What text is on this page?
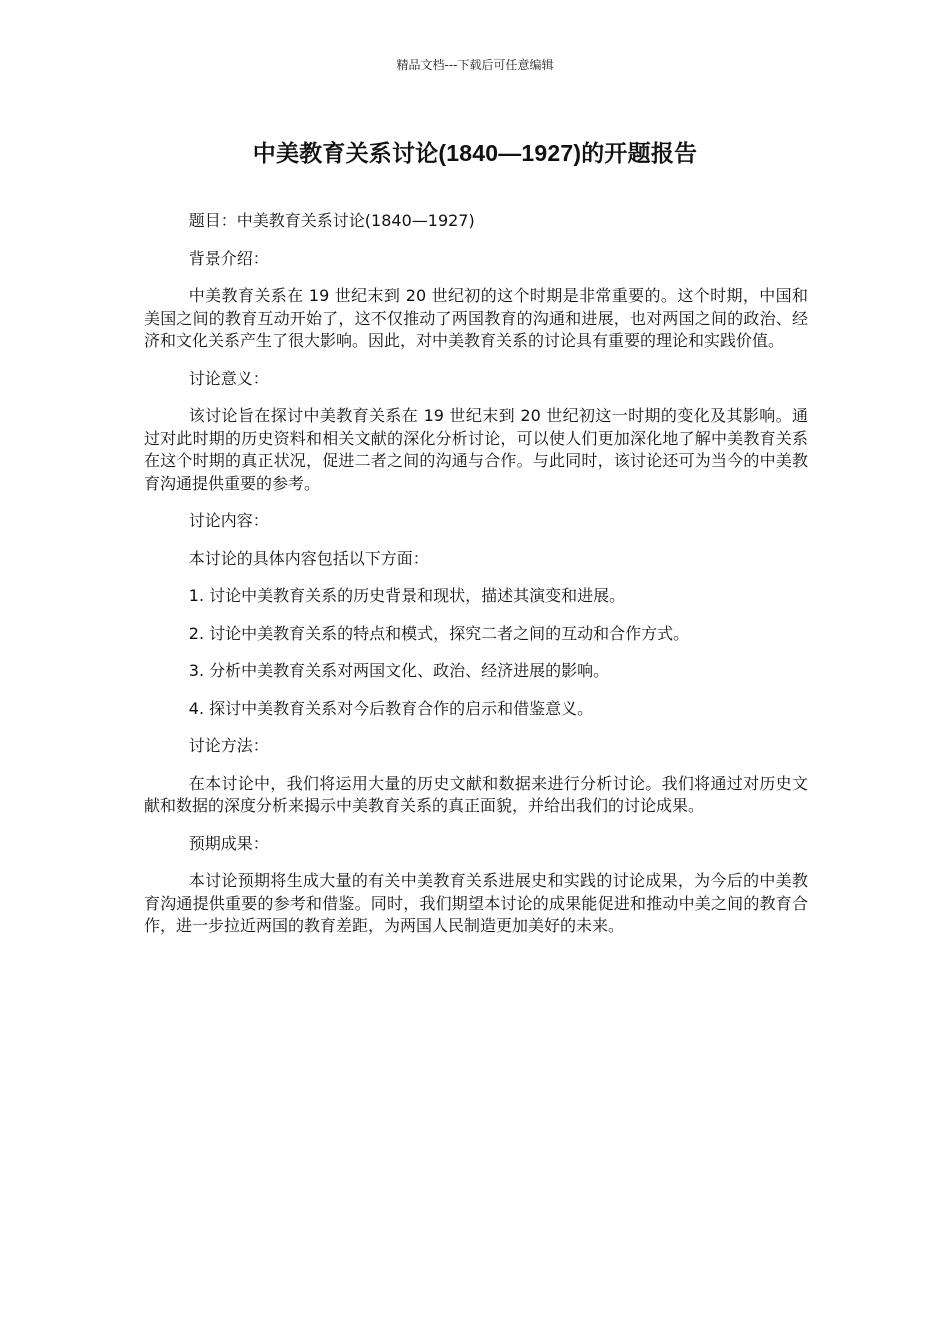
精品文档---下载后可任意编辑
中美教育关系讨论(1840—1927)的开题报告

题目：中美教育关系讨论(1840—1927)

背景介绍：

中美教育关系在 19 世纪末到 20 世纪初的这个时期是非常重要的。这个时期，中国和美国之间的教育互动开始了，这不仅推动了两国教育的沟通和进展，也对两国之间的政治、经济和文化关系产生了很大影响。因此，对中美教育关系的讨论具有重要的理论和实践价值。

讨论意义：

该讨论旨在探讨中美教育关系在 19 世纪末到 20 世纪初这一时期的变化及其影响。通过对此时期的历史资料和相关文献的深化分析讨论，可以使人们更加深化地了解中美教育关系在这个时期的真正状况，促进二者之间的沟通与合作。与此同时，该讨论还可为当今的中美教育沟通提供重要的参考。

讨论内容：

本讨论的具体内容包括以下方面：

1. 讨论中美教育关系的历史背景和现状，描述其演变和进展。

2. 讨论中美教育关系的特点和模式，探究二者之间的互动和合作方式。

3. 分析中美教育关系对两国文化、政治、经济进展的影响。

4. 探讨中美教育关系对今后教育合作的启示和借鉴意义。

讨论方法：

在本讨论中，我们将运用大量的历史文献和数据来进行分析讨论。我们将通过对历史文献和数据的深度分析来揭示中美教育关系的真正面貌，并给出我们的讨论成果。

预期成果：

本讨论预期将生成大量的有关中美教育关系进展史和实践的讨论成果，为今后的中美教育沟通提供重要的参考和借鉴。同时，我们期望本讨论的成果能促进和推动中美之间的教育合作，进一步拉近两国的教育差距，为两国人民制造更加美好的未来。
